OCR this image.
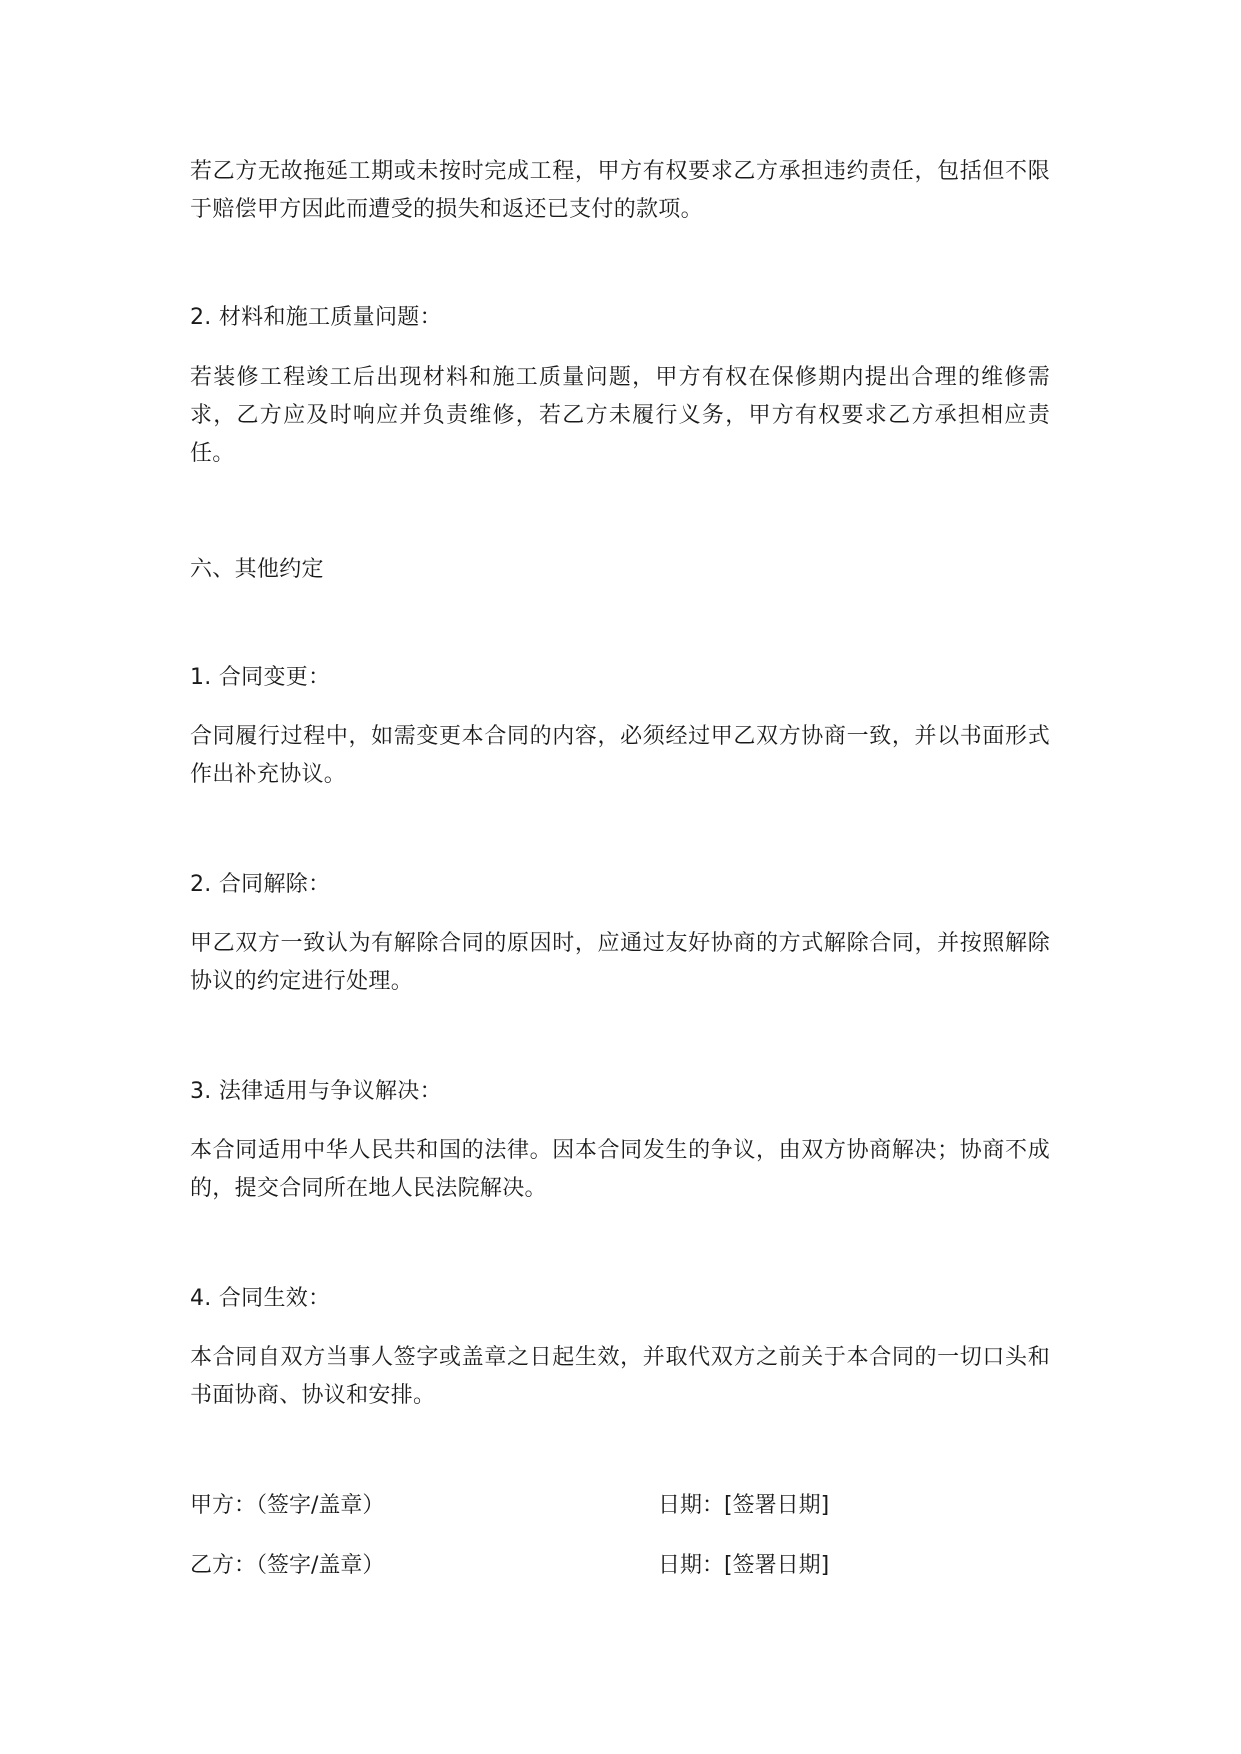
若乙方无故拖延工期或未按时完成工程，甲方有权要求乙方承担违约责任，包括但不限于赔偿甲方因此而遭受的损失和返还已支付的款项。
2. 材料和施工质量问题：
若装修工程竣工后出现材料和施工质量问题，甲方有权在保修期内提出合理的维修需求，乙方应及时响应并负责维修，若乙方未履行义务，甲方有权要求乙方承担相应责任。
六、其他约定
1. 合同变更：
合同履行过程中，如需变更本合同的内容，必须经过甲乙双方协商一致，并以书面形式作出补充协议。
2. 合同解除：
甲乙双方一致认为有解除合同的原因时，应通过友好协商的方式解除合同，并按照解除协议的约定进行处理。
3. 法律适用与争议解决：
本合同适用中华人民共和国的法律。因本合同发生的争议，由双方协商解决；协商不成的，提交合同所在地人民法院解决。
4. 合同生效：
本合同自双方当事人签字或盖章之日起生效，并取代双方之前关于本合同的一切口头和书面协商、协议和安排。
甲方：（签字/盖章）	日期：[签署日期]
乙方：（签字/盖章）	日期：[签署日期]
